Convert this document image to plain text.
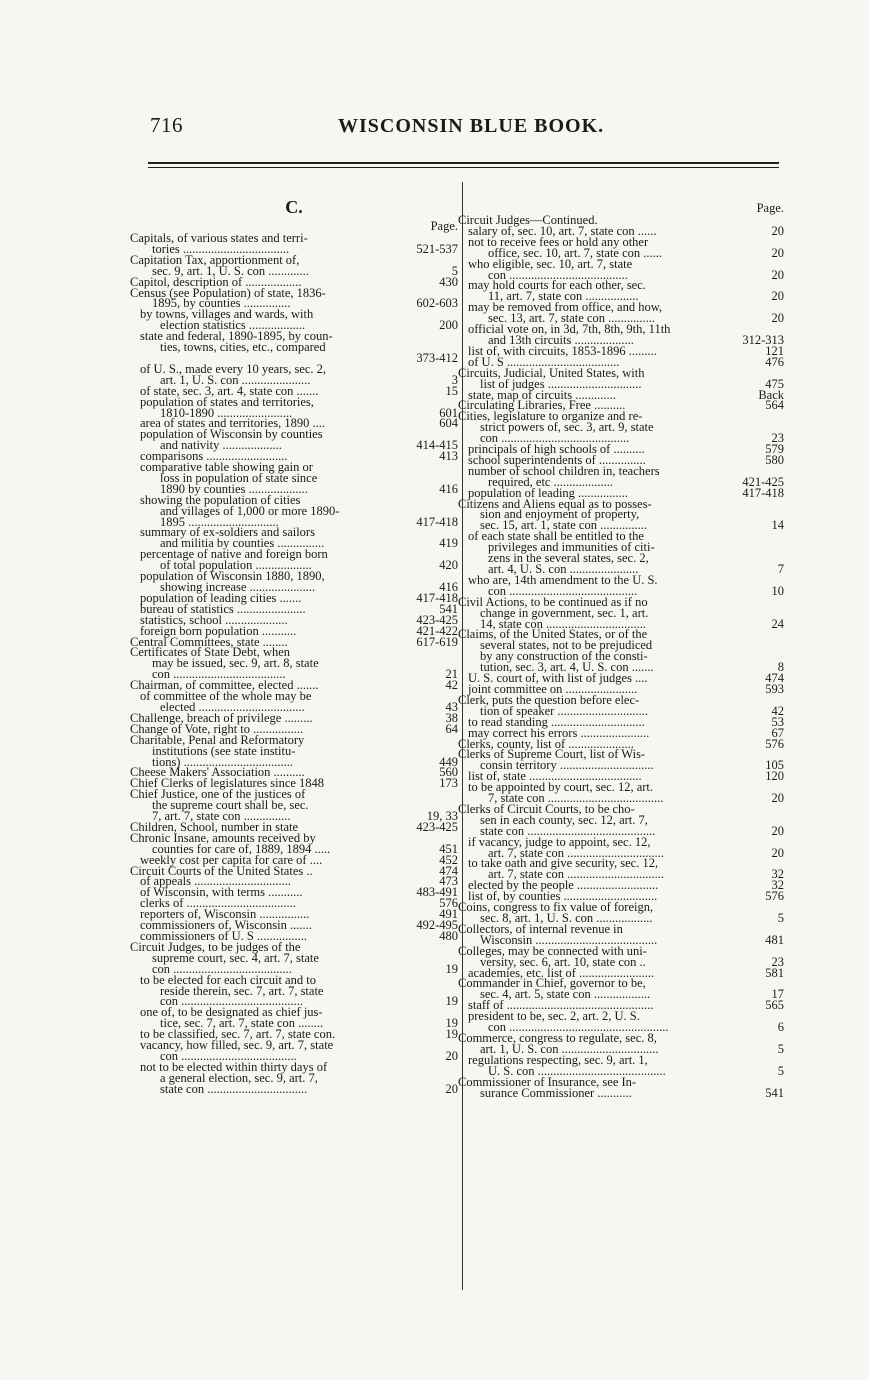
716	WISCONSIN BLUE BOOK.
C.
Page.
Capitals, of various states and terri-
tories ..................................	521-537
Capitation Tax, apportionment of,
sec. 9, art. 1, U. S. con .............	5
Capitol, description of ..................	430
Census (see Population) of state, 1836-
1895, by counties ...............	602-603
by towns, villages and wards, with
election statistics ..................	200
state and federal, 1890-1895, by coun-
ties, towns, cities, etc., compared
373-412
of U. S., made every 10 years, sec. 2,
art. 1, U. S. con ......................	3
of state, sec. 3, art. 4, state con .......	15
population of states and territories,
1810-1890 ........................	601
area of states and territories, 1890 ....	604
population of Wisconsin by counties
and nativity ...................	414-415
comparisons ..........................	413
comparative table showing gain or
loss in population of state since
1890 by counties ...................	416
showing the population of cities
and villages of 1,000 or more 1890-
1895 .............................	417-418
summary of ex-soldiers and sailors
and militia by counties ...............	419
percentage of native and foreign born
of total population ..................	420
population of Wisconsin 1880, 1890,
showing increase .....................	416
population of leading cities .......	417-418
bureau of statistics ......................	541
statistics, school ....................	423-425
foreign born population ...........	421-422
Central Committees, state ........	617-619
Certificates of State Debt, when
may be issued, sec. 9, art. 8, state
con ....................................	21
Chairman, of committee, elected .......	42
of committee of the whole may be
elected ..................................	43
Challenge, breach of privilege .........	38
Change of Vote, right to ................	64
Charitable, Penal and Reformatory
institutions (see state institu-
tions) ...................................	449
Cheese Makers' Association ..........	560
Chief Clerks of legislatures since 1848	173
Chief Justice, one of the justices of
the supreme court shall be, sec.
7, art. 7, state con ...............	19, 33
Children, School, number in state	423-425
Chronic Insane, amounts received by
counties for care of, 1889, 1894 .....	451
weekly cost per capita for care of ....	452
Circuit Courts of the United States ..	474
of appeals ...............................	473
of Wisconsin, with terms ...........	483-491
clerks of ...................................	576
reporters of, Wisconsin ................	491
commissioners of, Wisconsin .......	492-495
commissioners of U. S ................	480
Circuit Judges, to be judges of the
supreme court, sec. 4, art. 7, state
con ......................................	19
to be elected for each circuit and to
reside therein, sec. 7, art. 7, state
con .......................................	19
one of, to be designated as chief jus-
tice, sec. 7, art. 7, state con ........	19
to be classified, sec. 7, art. 7, state con.	19
vacancy, how filled, sec. 9, art. 7, state
con .....................................	20
not to be elected within thirty days of
a general election, sec. 9, art. 7,
state con ................................	20
Page.
Circuit Judges—Continued.
salary of, sec. 10, art. 7, state con ......	20
not to receive fees or hold any other
office, sec. 10, art. 7, state con ......	20
who eligible, sec. 10, art. 7, state
con ......................................	20
may hold courts for each other, sec.
11, art. 7, state con .................	20
may be removed from office, and how,
sec. 13, art. 7, state con ...............	20
official vote on, in 3d, 7th, 8th, 9th, 11th
and 13th circuits ...................	312-313
list of, with circuits, 1853-1896 .........	121
of U. S ....................................	476
Circuits, Judicial, United States, with
list of judges ..............................	475
state, map of circuits .............	Back
Circulating Libraries, Free ..........	564
Cities, legislature to organize and re-
strict powers of, sec. 3, art. 9, state
con .........................................	23
principals of high schools of ..........	579
school superintendents of ...............	580
number of school children in, teachers
required, etc ...................	421-425
population of leading ................	417-418
Citizens and Aliens equal as to posses-
sion and enjoyment of property,
sec. 15, art. 1, state con ...............	14
of each state shall be entitled to the
privileges and immunities of citi-
zens in the several states, sec. 2,
art. 4, U. S. con ......................	7
who are, 14th amendment to the U. S.
con .........................................	10
Civil Actions, to be continued as if no
change in government, sec. 1, art.
14, state con ................................	24
Claims, of the United States, or of the
several states, not to be prejudiced
by any construction of the consti-
tution, sec. 3, art. 4, U. S. con .......	8
U. S. court of, with list of judges ....	474
joint committee on .......................	593
Clerk, puts the question before elec-
tion of speaker .............................	42
to read standing ..............................	53
may correct his errors ......................	67
Clerks, county, list of .....................	576
Clerks of Supreme Court, list of Wis-
consin territory ..............................	105
list of, state ....................................	120
to be appointed by court, sec. 12, art.
7, state con .....................................	20
Clerks of Circuit Courts, to be cho-
sen in each county, sec. 12, art. 7,
state con .........................................	20
if vacancy, judge to appoint, sec. 12,
art. 7, state con ...............................	20
to take oath and give security, sec. 12,
art. 7, state con ...............................	32
elected by the people ..........................	32
list of, by counties ..............................	576
Coins, congress to fix value of foreign,
sec. 8, art. 1, U. S. con ..................	5
Collectors, of internal revenue in
Wisconsin .......................................	481
Colleges, may be connected with uni-
versity, sec. 6, art. 10, state con ..	23
academies, etc. list of ........................	581
Commander in Chief, governor to be,
sec. 4, art. 5, state con ..................	17
staff of ...............................................	565
president to be, sec. 2, art. 2, U. S.
con ...................................................	6
Commerce, congress to regulate, sec. 8,
art. 1, U. S. con ...............................	5
regulations respecting, sec. 9, art. 1,
U. S. con .........................................	5
Commissioner of Insurance, see In-
surance Commissioner ...........	541
